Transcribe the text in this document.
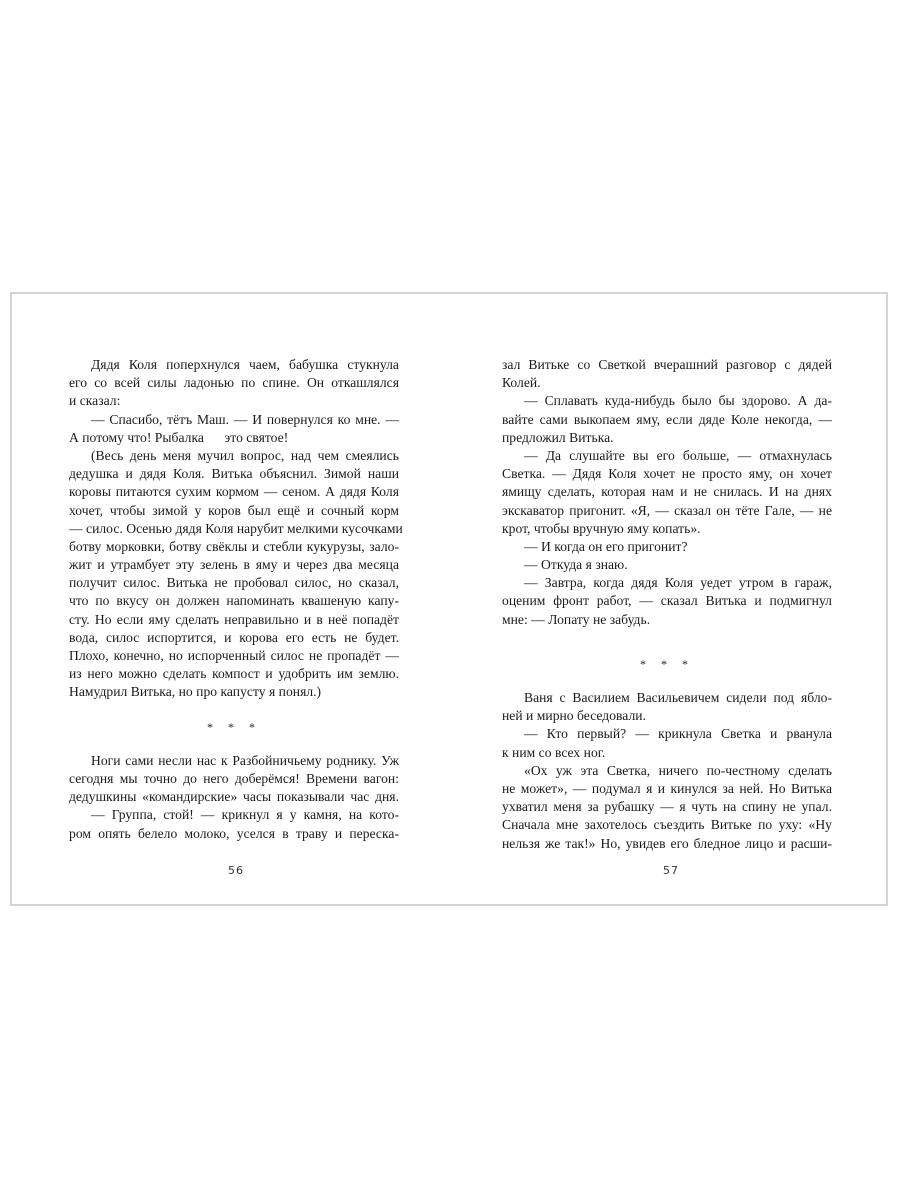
Дядя Коля поперхнулся чаем, бабушка стукнула
его со всей силы ладонью по спине. Он откашлялся
и сказал:
— Спасибо, тётъ Маш. — И повернулся ко мне. —
А потому что! Рыбалка      это святое!
(Весь день меня мучил вопрос, над чем смеялись
дедушка и дядя Коля. Витька объяснил. Зимой наши
коровы питаются сухим кормом — сеном. А дядя Коля
хочет, чтобы зимой у коров был ещё и сочный корм
— силос. Осенью дядя Коля нарубит мелкими кусочками
ботву морковки, ботву свёклы и стебли кукурузы, зало-
жит и утрамбует эту зелень в яму и через два месяца
получит силос. Витька не пробовал силос, но сказал,
что по вкусу он должен напоминать квашеную капу-
сту. Но если яму сделать неправильно и в неё попадёт
вода, силос испортится, и корова его есть не будет.
Плохо, конечно, но испорченный силос не пропадёт —
из него можно сделать компост и удобрить им землю.
Намудрил Витька, но про капусту я понял.)
* * *
Ноги сами несли нас к Разбойничьему роднику. Уж
сегодня мы точно до него доберёмся! Времени вагон:
дедушкины «командирские» часы показывали час дня.
— Группа, стой! — крикнул я у камня, на кото-
ром опять белело молоко, уселся в траву и переска-
зал Витьке со Светкой вчерашний разговор с дядей
Колей.
— Сплавать куда-нибудь было бы здорово. А да-
вайте сами выкопаем яму, если дяде Коле некогда, —
предложил Витька.
— Да слушайте вы его больше, — отмахнулась
Светка. — Дядя Коля хочет не просто яму, он хочет
ямищу сделать, которая нам и не снилась. И на днях
экскаватор пригонит. «Я, — сказал он тёте Гале, — не
крот, чтобы вручную яму копать».
— И когда он его пригонит?
— Откуда я знаю.
— Завтра, когда дядя Коля уедет утром в гараж,
оценим фронт работ, — сказал Витька и подмигнул
мне: — Лопату не забудь.
* * *
Ваня с Василием Васильевичем сидели под ябло-
ней и мирно беседовали.
— Кто первый? — крикнула Светка и рванула
к ним со всех ног.
«Ох уж эта Светка, ничего по-честному сделать
не может», — подумал я и кинулся за ней. Но Витька
ухватил меня за рубашку — я чуть на спину не упал.
Сначала мне захотелось съездить Витьке по уху: «Ну
нельзя же так!» Но, увидев его бледное лицо и расши-
56	57
